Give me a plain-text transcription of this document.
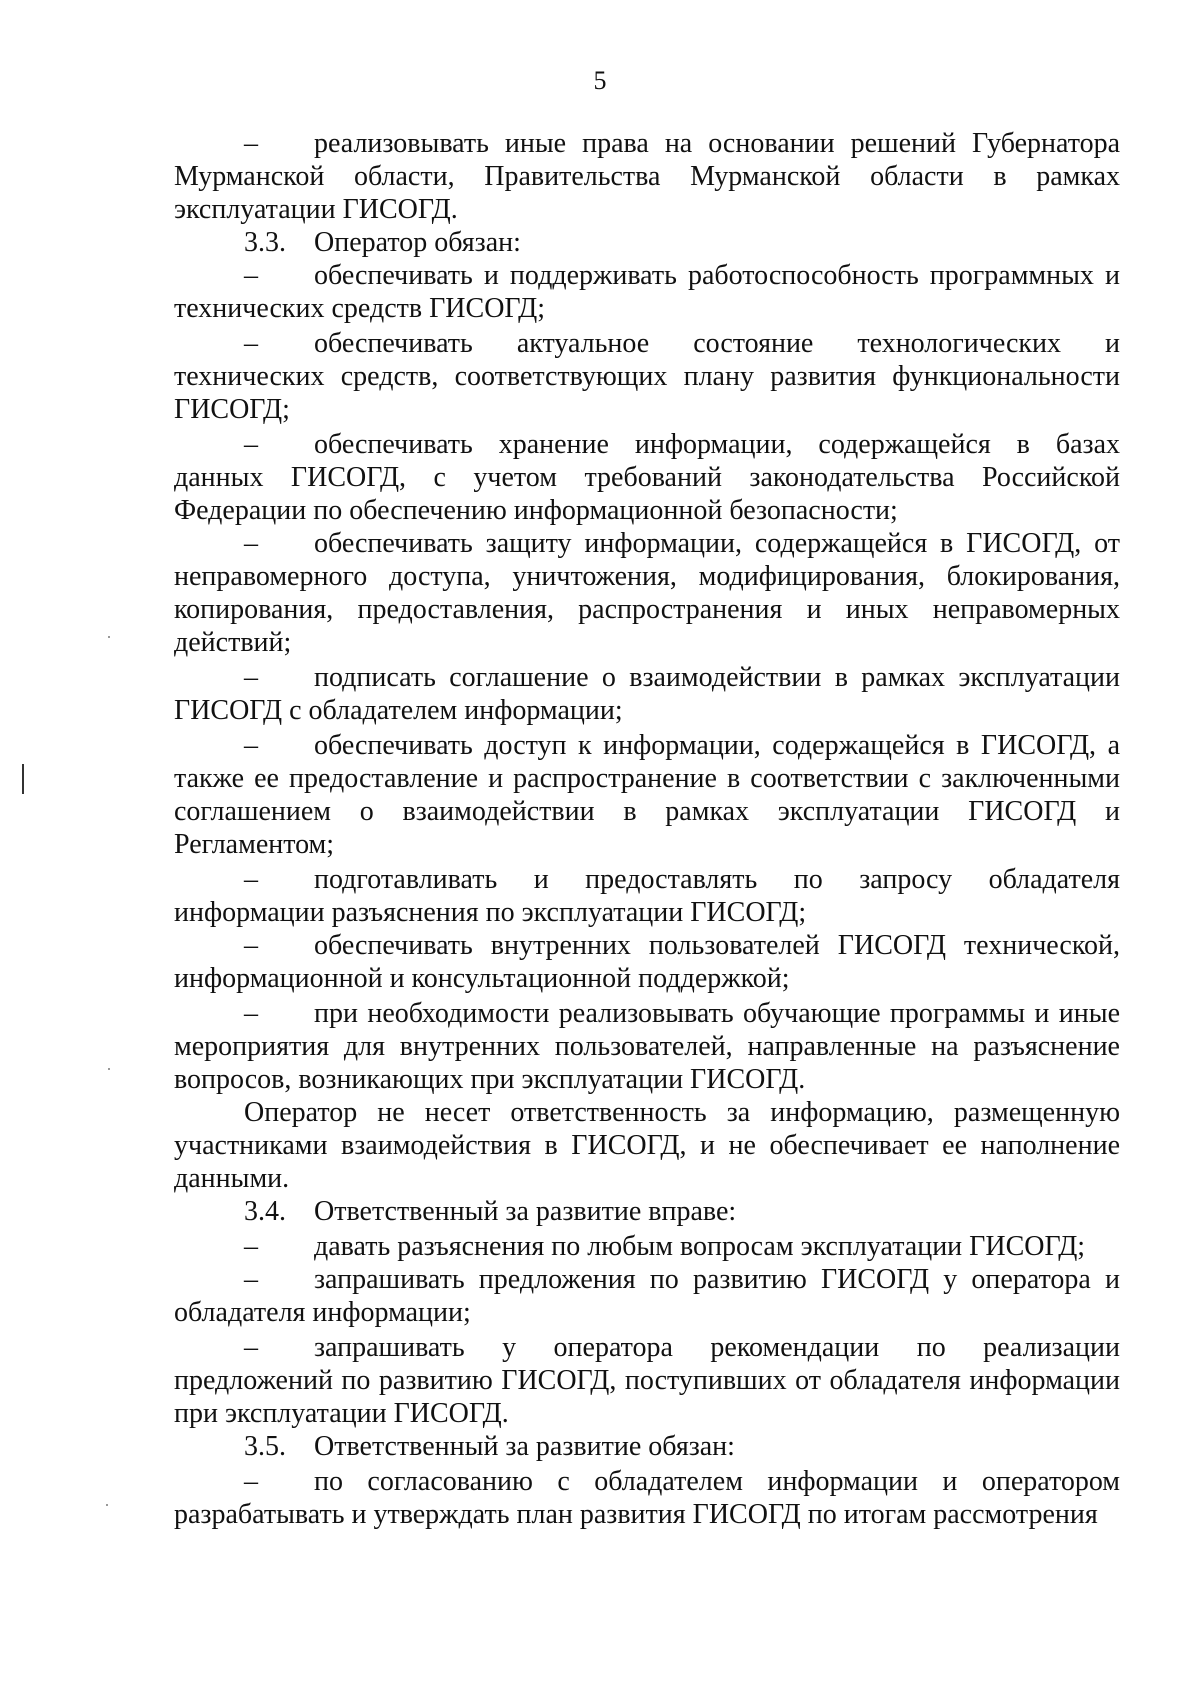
5

– реализовывать иные права на основании решений Губернатора Мурманской области, Правительства Мурманской области в рамках эксплуатации ГИСОГД.

3.3. Оператор обязан:

– обеспечивать и поддерживать работоспособность программных и технических средств ГИСОГД;

– обеспечивать актуальное состояние технологических и технических средств, соответствующих плану развития функциональности ГИСОГД;

– обеспечивать хранение информации, содержащейся в базах данных ГИСОГД, с учетом требований законодательства Российской Федерации по обеспечению информационной безопасности;

– обеспечивать защиту информации, содержащейся в ГИСОГД, от неправомерного доступа, уничтожения, модифицирования, блокирования, копирования, предоставления, распространения и иных неправомерных действий;

– подписать соглашение о взаимодействии в рамках эксплуатации ГИСОГД с обладателем информации;

– обеспечивать доступ к информации, содержащейся в ГИСОГД, а также ее предоставление и распространение в соответствии с заключенными соглашением о взаимодействии в рамках эксплуатации ГИСОГД и Регламентом;

– подготавливать и предоставлять по запросу обладателя информации разъяснения по эксплуатации ГИСОГД;

– обеспечивать внутренних пользователей ГИСОГД технической, информационной и консультационной поддержкой;

– при необходимости реализовывать обучающие программы и иные мероприятия для внутренних пользователей, направленные на разъяснение вопросов, возникающих при эксплуатации ГИСОГД.

Оператор не несет ответственность за информацию, размещенную участниками взаимодействия в ГИСОГД, и не обеспечивает ее наполнение данными.

3.4. Ответственный за развитие вправе:

– давать разъяснения по любым вопросам эксплуатации ГИСОГД;

– запрашивать предложения по развитию ГИСОГД у оператора и обладателя информации;

– запрашивать у оператора рекомендации по реализации предложений по развитию ГИСОГД, поступивших от обладателя информации при эксплуатации ГИСОГД.

3.5. Ответственный за развитие обязан:

– по согласованию с обладателем информации и оператором разрабатывать и утверждать план развития ГИСОГД по итогам рассмотрения
